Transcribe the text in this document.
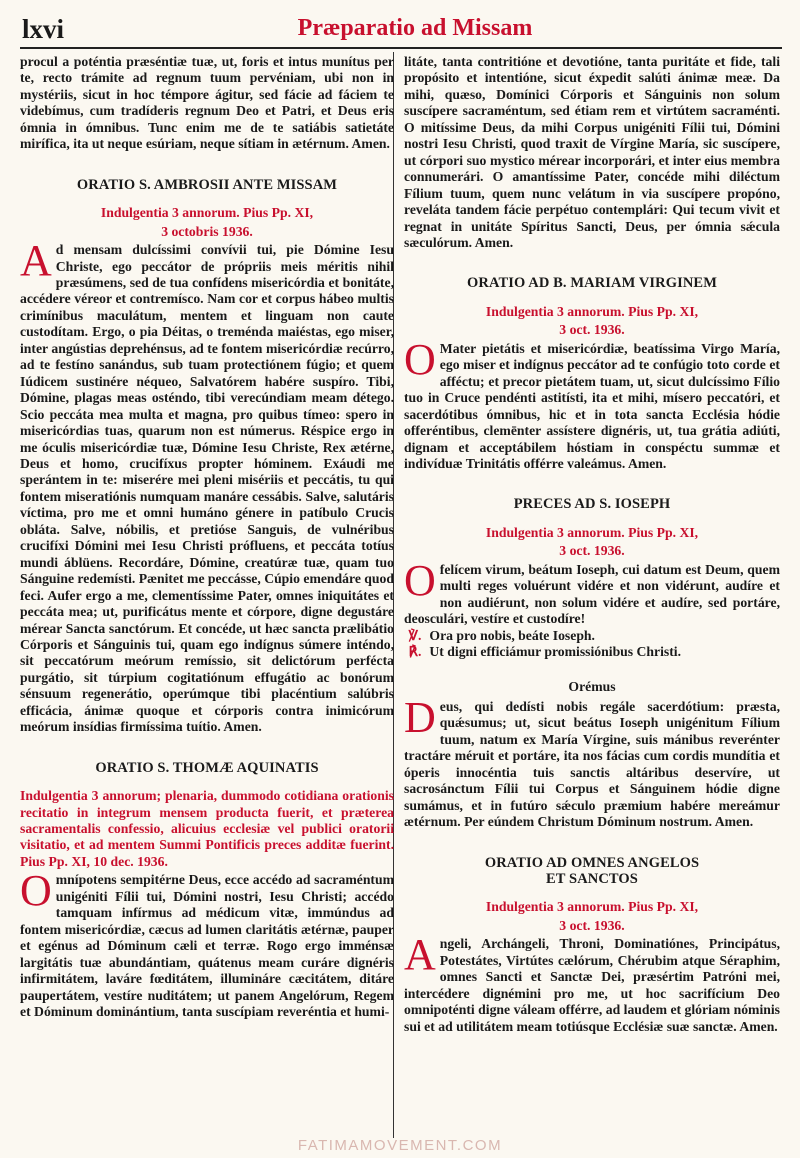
lxvi	Præparatio ad Missam

procul a poténtia præséntiæ tuæ, ut, foris et intus munítus per te, recto trámite ad regnum tuum pervéniam, ubi non in mystériis, sicut in hoc témpore ágitur, sed fácie ad fáciem te videbímus, cum tradíderis regnum Deo et Patri, et Deus eris ómnia in ómnibus. Tunc enim me de te satiábis satietáte mirífica, ita ut neque esúriam, neque sítiam in ætérnum. Amen.

ORATIO S. AMBROSII ANTE MISSAM
Indulgentia 3 annorum. Pius Pp. XI,
3 octobris 1936.

A d mensam dulcíssimi convívii tui, pie Dómine Iesu Christe, ego peccátor de própriis meis méritis nihil præsúmens, sed de tua confídens misericórdia et bonitáte, accédere véreor et contremísco. Nam cor et corpus hábeo multis crimínibus maculátum, mentem et linguam non caute custodítam. Ergo, o pia Déitas, o treménda maiéstas, ego miser, inter angústias deprehénsus, ad te fontem misericórdiæ recúrro, ad te festíno sanándus, sub tuam protectiónem fúgio; et quem Iúdicem sustinére néqueo, Salvatórem habére suspíro. Tibi, Dómine, plagas meas osténdo, tibi verecúndiam meam détego. Scio peccáta mea multa et magna, pro quibus tímeo: spero in misericórdias tuas, quarum non est númerus. Réspice ergo in me óculis misericórdiæ tuæ, Dómine Iesu Christe, Rex ætérne, Deus et homo, crucifíxus propter hóminem. Exáudi me sperántem in te: miserére mei pleni misériis et peccátis, tu qui fontem miseratiónis numquam manáre cessábis. Salve, salutáris víctima, pro me et omni humáno génere in patíbulo Crucis obláta. Salve, nóbilis, et pretióse Sanguis, de vulnéribus crucifíxi Dómini mei Iesu Christi prófluens, et peccáta totíus mundi áblüens. Recordáre, Dómine, creatúræ tuæ, quam tuo Sánguine redemísti. Pænitet me peccásse, Cúpio emendáre quod feci. Aufer ergo a me, clementíssime Pater, omnes iniquitátes et peccáta mea; ut, purificátus mente et córpore, digne degustáre mérear Sancta sanctórum. Et concéde, ut hæc sancta prælibátio Córporis et Sánguinis tui, quam ego indígnus súmere inténdo, sit peccatórum meórum remíssio, sit delictórum perfécta purgátio, sit túrpium cogitatiónum effugátio ac bonórum sénsuum regenerátio, operúmque tibi placéntium salúbris efficácia, ánimæ quoque et córporis contra inimicórum meórum insídias firmíssima tuítio. Amen.

ORATIO S. THOMÆ AQUINATIS
Indulgentia 3 annorum; plenaria, dummodo cotidiana orationis recitatio in integrum mensem producta fuerit, et præterea sacramentalis confessio, alicuius ecclesiæ vel publici oratorii visitatio, et ad mentem Summi Pontificis preces additæ fuerint. Pius Pp. XI, 10 dec. 1936.

O mnípotens sempitérne Deus, ecce accédo ad sacraméntum unigéniti Fílii tui, Dómini nostri, Iesu Christi; accédo tamquam infírmus ad médicum vitæ, immúndus ad fontem misericórdiæ, cæcus ad lumen claritátis ætérnæ, pauper et egénus ad Dóminum cæli et terræ. Rogo ergo imménsæ largitátis tuæ abundántiam, quátenus meam curáre dignéris infirmitátem, laváre fœditátem, illumináre cæcitátem, ditáre paupertátem, vestíre nuditátem; ut panem Angelórum, Regem et Dóminum dominántium, tanta suscípiam reveréntia et humi-

litáte, tanta contritióne et devotióne, tanta puritáte et fide, tali propósito et intentióne, sicut éxpedit salúti ánimæ meæ. Da mihi, quæso, Domínici Córporis et Sánguinis non solum suscípere sacraméntum, sed étiam rem et virtútem sacraménti. O mitíssime Deus, da mihi Corpus unigéniti Fílii tui, Dómini nostri Iesu Christi, quod traxit de Vírgine María, sic suscípere, ut córpori suo mystico mérear incorporári, et inter eius membra connumerári. O amantíssime Pater, concéde mihi diléctum Fílium tuum, quem nunc velátum in via suscípere propóno, reveláta tandem fácie perpétuo contemplári: Qui tecum vivit et regnat in unitáte Spíritus Sancti, Deus, per ómnia sǽcula sæculórum. Amen.

ORATIO AD B. MARIAM VIRGINEM
Indulgentia 3 annorum. Pius Pp. XI,
3 oct. 1936.

O Mater pietátis et misericórdiæ, beatíssima Virgo María, ego miser et indígnus peccátor ad te confúgio toto corde et afféctu; et precor pietátem tuam, ut, sicut dulcíssimo Fílio tuo in Cruce pendénti astitísti, ita et mihi, mísero peccatóri, et sacerdótibus ómnibus, hic et in tota sancta Ecclésia hódie offeréntibus, clemēnter assístere dignéris, ut, tua grátia adiúti, dignam et acceptábilem hóstiam in conspéctu summæ et indivíduæ Trinitátis offérre valeámus. Amen.

PRECES AD S. IOSEPH
Indulgentia 3 annorum. Pius Pp. XI,
3 oct. 1936.

O felícem virum, beátum Ioseph, cui datum est Deum, quem multi reges voluérunt vidére et non vidérunt, audíre et non audiérunt, non solum vidére et audíre, sed portáre, deosculári, vestíre et custodíre!

℣. Ora pro nobis, beáte Ioseph.
℟. Ut digni efficiámur promissiónibus Christi.
Orémus

D eus, qui dedísti nobis regále sacerdótium: præsta, quǽsumus; ut, sicut beátus Ioseph unigénitum Fílium tuum, natum ex María Vírgine, suis mánibus reverénter tractáre méruit et portáre, ita nos fácias cum cordis mundítia et óperis innocéntia tuis sanctis altáribus deservíre, ut sacrosánctum Fílii tui Corpus et Sánguinem hódie digne sumámus, et in futúro sǽculo præmium habére mereámur ætérnum. Per eúndem Christum Dóminum nostrum. Amen.

ORATIO AD OMNES ANGELOS
ET SANCTOS
Indulgentia 3 annorum. Pius Pp. XI,
3 oct. 1936.

A ngeli, Archángeli, Throni, Dominatiónes, Principátus, Potestátes, Virtútes cælórum, Chérubim atque Séraphim, omnes Sancti et Sanctæ Dei, præsértim Patróni mei, intercédere dignémini pro me, ut hoc sacrifícium Deo omnipoténti digne váleam offérre, ad laudem et glóriam nóminis sui et ad utilitátem meam totiúsque Ecclésiæ suæ sanctæ. Amen.

FATIMAMOVEMENT.COM
